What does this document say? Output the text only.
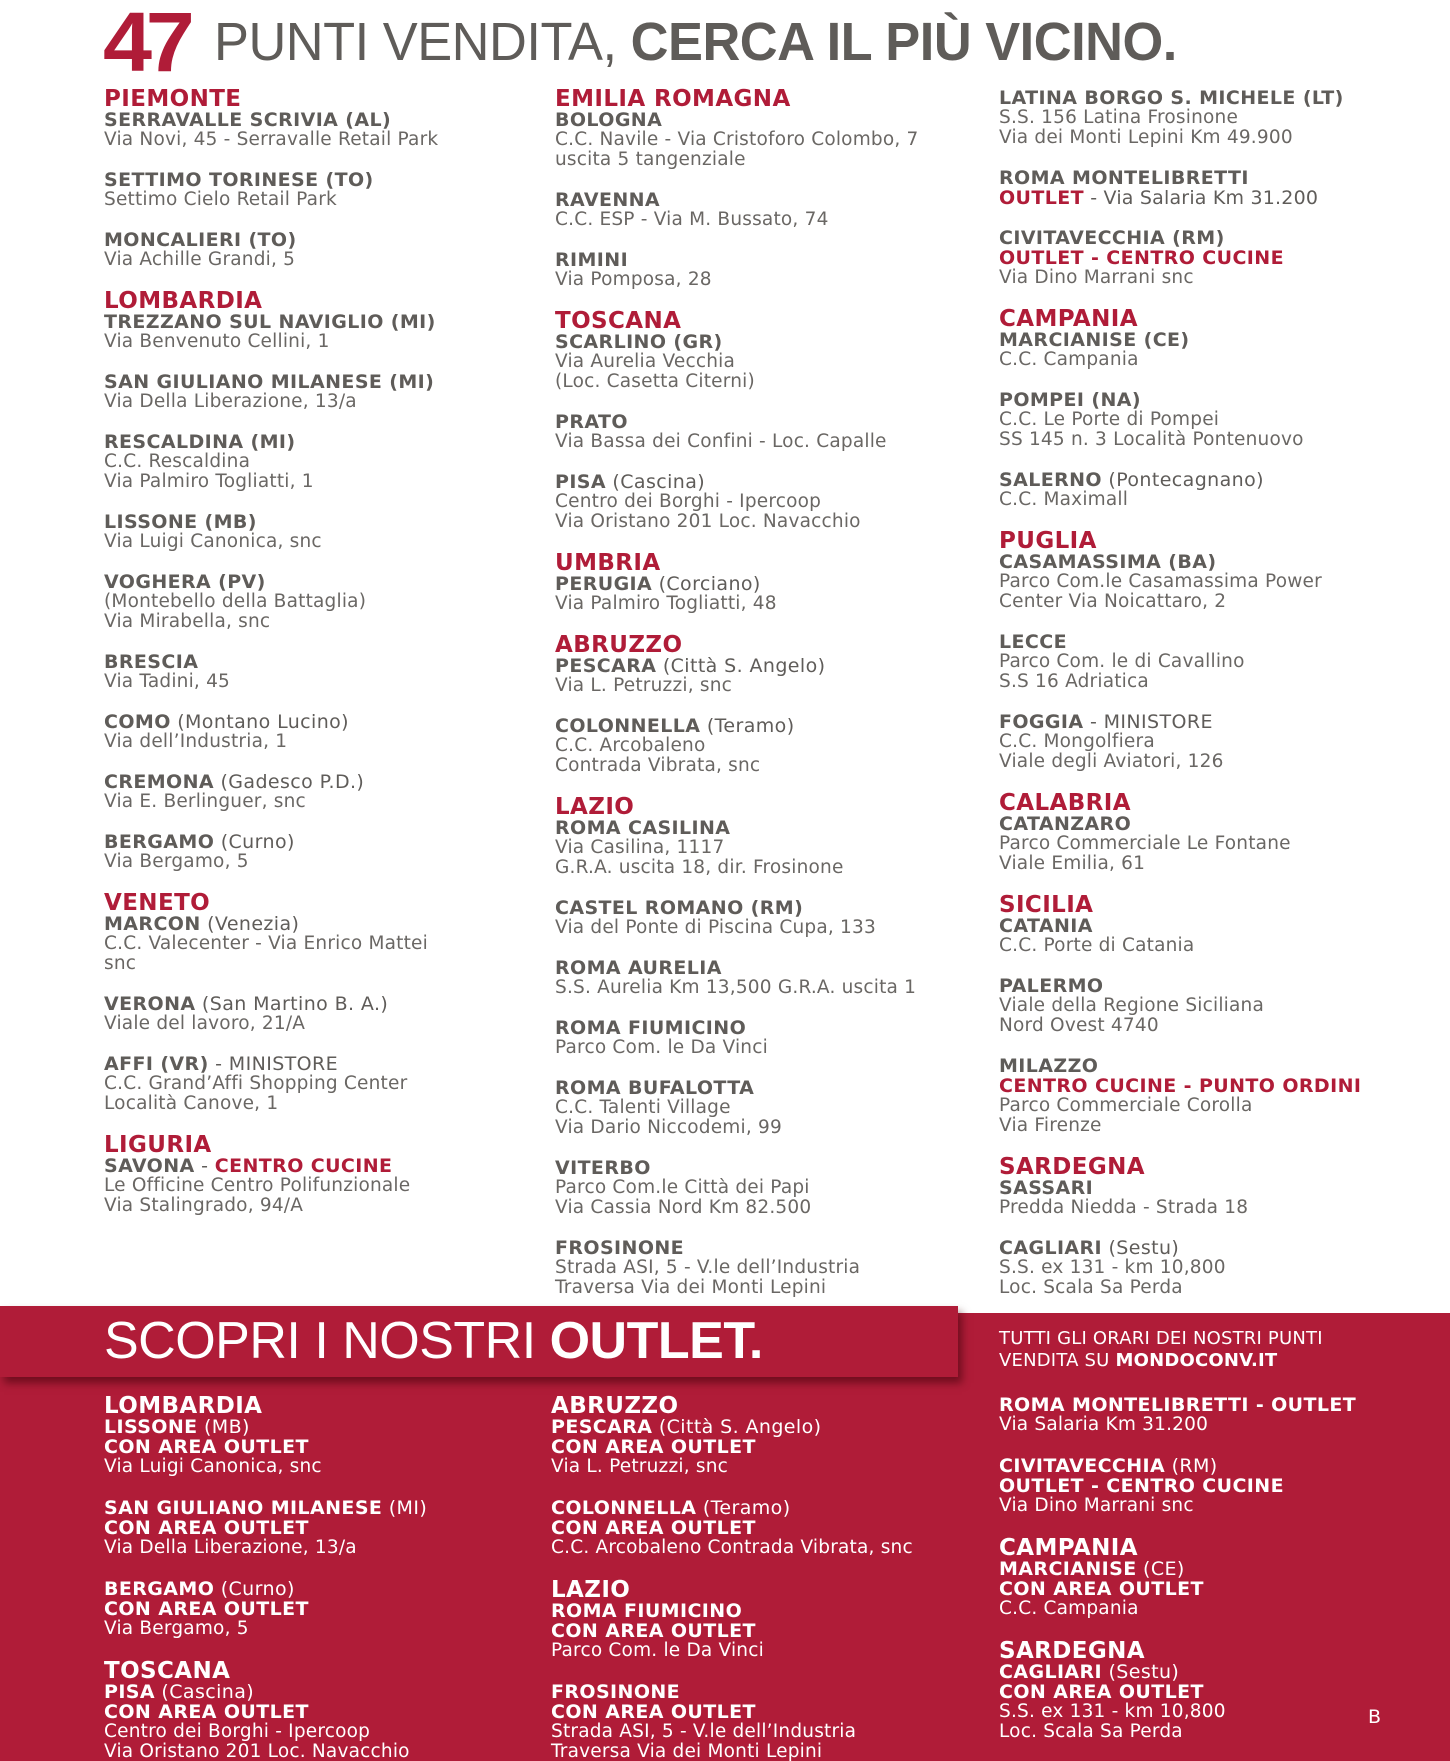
47 PUNTI VENDITA, CERCA IL PIÙ VICINO.
PIEMONTE
SERRAVALLE SCRIVIA (AL)
Via Novi, 45 - Serravalle Retail Park
SETTIMO TORINESE (TO)
Settimo Cielo Retail Park
MONCALIERI (TO)
Via Achille Grandi, 5
LOMBARDIA
TREZZANO SUL NAVIGLIO (MI)
Via Benvenuto Cellini, 1
SAN GIULIANO MILANESE (MI)
Via Della Liberazione, 13/a
RESCALDINA (MI)
C.C. Rescaldina
Via Palmiro Togliatti, 1
LISSONE (MB)
Via Luigi Canonica, snc
VOGHERA (PV)
(Montebello della Battaglia)
Via Mirabella, snc
BRESCIA
Via Tadini, 45
COMO (Montano Lucino)
Via dell’Industria, 1
CREMONA (Gadesco P.D.)
Via E. Berlinguer, snc
BERGAMO (Curno)
Via Bergamo, 5
VENETO
MARCON (Venezia)
C.C. Valecenter - Via Enrico Mattei
snc
VERONA (San Martino B. A.)
Viale del lavoro, 21/A
AFFI (VR) - MINISTORE
C.C. Grand’Affi Shopping Center
Località Canove, 1
LIGURIA
SAVONA - CENTRO CUCINE
Le Officine Centro Polifunzionale
Via Stalingrado, 94/A
EMILIA ROMAGNA
BOLOGNA
C.C. Navile - Via Cristoforo Colombo, 7
uscita 5 tangenziale
RAVENNA
C.C. ESP - Via M. Bussato, 74
RIMINI
Via Pomposa, 28
TOSCANA
SCARLINO (GR)
Via Aurelia Vecchia
(Loc. Casetta Citerni)
PRATO
Via Bassa dei Confini - Loc. Capalle
PISA (Cascina)
Centro dei Borghi - Ipercoop
Via Oristano 201 Loc. Navacchio
UMBRIA
PERUGIA (Corciano)
Via Palmiro Togliatti, 48
ABRUZZO
PESCARA (Città S. Angelo)
Via L. Petruzzi, snc
COLONNELLA (Teramo)
C.C. Arcobaleno
Contrada Vibrata, snc
LAZIO
ROMA CASILINA
Via Casilina, 1117
G.R.A. uscita 18, dir. Frosinone
CASTEL ROMANO (RM)
Via del Ponte di Piscina Cupa, 133
ROMA AURELIA
S.S. Aurelia Km 13,500 G.R.A. uscita 1
ROMA FIUMICINO
Parco Com. le Da Vinci
ROMA BUFALOTTA
C.C. Talenti Village
Via Dario Niccodemi, 99
VITERBO
Parco Com.le Città dei Papi
Via Cassia Nord Km 82.500
FROSINONE
Strada ASI, 5 - V.le dell’Industria
Traversa Via dei Monti Lepini
LATINA BORGO S. MICHELE (LT)
S.S. 156 Latina Frosinone
Via dei Monti Lepini Km 49.900
ROMA MONTELIBRETTI
OUTLET - Via Salaria Km 31.200
CIVITAVECCHIA (RM)
OUTLET - CENTRO CUCINE
Via Dino Marrani snc
CAMPANIA
MARCIANISE (CE)
C.C. Campania
POMPEI (NA)
C.C. Le Porte di Pompei
SS 145 n. 3 Località Pontenuovo
SALERNO (Pontecagnano)
C.C. Maximall
PUGLIA
CASAMASSIMA (BA)
Parco Com.le Casamassima Power
Center Via Noicattaro, 2
LECCE
Parco Com. le di Cavallino
S.S 16 Adriatica
FOGGIA - MINISTORE
C.C. Mongolfiera
Viale degli Aviatori, 126
CALABRIA
CATANZARO
Parco Commerciale Le Fontane
Viale Emilia, 61
SICILIA
CATANIA
C.C. Porte di Catania
PALERMO
Viale della Regione Siciliana
Nord Ovest 4740
MILAZZO
CENTRO CUCINE - PUNTO ORDINI
Parco Commerciale Corolla
Via Firenze
SARDEGNA
SASSARI
Predda Niedda - Strada 18
CAGLIARI (Sestu)
S.S. ex 131 - km 10,800
Loc. Scala Sa Perda
SCOPRI I NOSTRI OUTLET.	TUTTI GLI ORARI DEI NOSTRI PUNTI
VENDITA SU MONDOCONV.IT
LOMBARDIA
LISSONE (MB)
CON AREA OUTLET
Via Luigi Canonica, snc
SAN GIULIANO MILANESE (MI)
CON AREA OUTLET
Via Della Liberazione, 13/a
BERGAMO (Curno)
CON AREA OUTLET
Via Bergamo, 5
TOSCANA
PISA (Cascina)
CON AREA OUTLET
Centro dei Borghi - Ipercoop
Via Oristano 201 Loc. Navacchio
ABRUZZO
PESCARA (Città S. Angelo)
CON AREA OUTLET
Via L. Petruzzi, snc
COLONNELLA (Teramo)
CON AREA OUTLET
C.C. Arcobaleno Contrada Vibrata, snc
LAZIO
ROMA FIUMICINO
CON AREA OUTLET
Parco Com. le Da Vinci
FROSINONE
CON AREA OUTLET
Strada ASI, 5 - V.le dell’Industria
Traversa Via dei Monti Lepini
ROMA MONTELIBRETTI - OUTLET
Via Salaria Km 31.200
CIVITAVECCHIA (RM)
OUTLET - CENTRO CUCINE
Via Dino Marrani snc
CAMPANIA
MARCIANISE (CE)
CON AREA OUTLET
C.C. Campania
SARDEGNA
CAGLIARI (Sestu)
CON AREA OUTLET
S.S. ex 131 - km 10,800
Loc. Scala Sa Perda
B
